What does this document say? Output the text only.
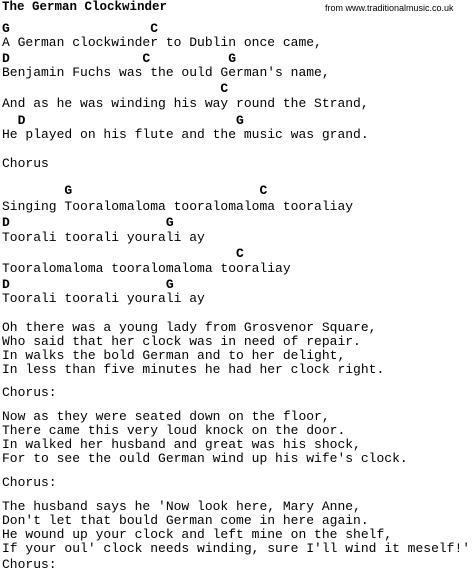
The German Clockwinder	from www.traditionalmusic.co.uk
G                  C
A German clockwinder to Dublin once came,
D                 C          G
Benjamin Fuchs was the ould German's name,
C
And as he was winding his way round the Strand,
D                           G
He played on his flute and the music was grand.
Chorus
G                        C
Singing Tooralomaloma tooralomaloma tooraliay
D                    G
Toorali toorali yourali ay
C
Tooralomaloma tooralomaloma tooraliay
D                    G
Toorali toorali yourali ay
Oh there was a young lady from Grosvenor Square,
Who said that her clock was in need of repair.
In walks the bold German and to her delight,
In less than five minutes he had her clock right.
Chorus:
Now as they were seated down on the floor,
There came this very loud knock on the door.
In walked her husband and great was his shock,
For to see the ould German wind up his wife's clock.
Chorus:
The husband says he 'Now look here, Mary Anne,
Don't let that bould German come in here again.
He wound up your clock and left mine on the shelf,
If your oul' clock needs winding, sure I'll wind it meself!'
Chorus:
